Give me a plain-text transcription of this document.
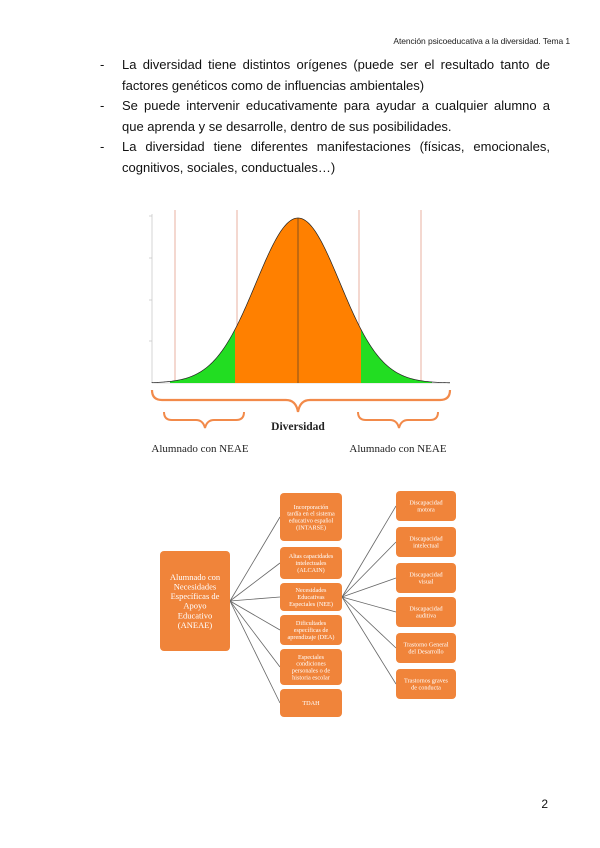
Atención psicoeducativa a la diversidad. Tema 1
- La diversidad tiene distintos orígenes (puede ser el resultado tanto de factores genéticos como de influencias ambientales)
- Se puede intervenir educativamente para ayudar a cualquier alumno a que aprenda y se desarrolle, dentro de sus posibilidades.
- La diversidad tiene diferentes manifestaciones (físicas, emocionales, cognitivos, sociales, conductuales…)
Diversidad
Alumnado con NEAE	Alumnado con NEAE
Alumnado con
Necesidades
Específicas de
Apoyo
Educativo
(ANEAE)
Incorporación
tardía en el sistema
educativo español
(INTARSE)
Altas capacidades
intelectuales
(ALCAIN)
Necesidades
Educativas
Especiales (NEE)
Dificultades
específicas de
aprendizaje (DEA)
Especiales
condiciones
personales o de
historia escolar
TDAH
Discapacidad
motora
Discapacidad
intelectual
Discapacidad
visual
Discapacidad
auditiva
Trastorno General
del Desarrollo
Trastornos graves
de conducta
2
